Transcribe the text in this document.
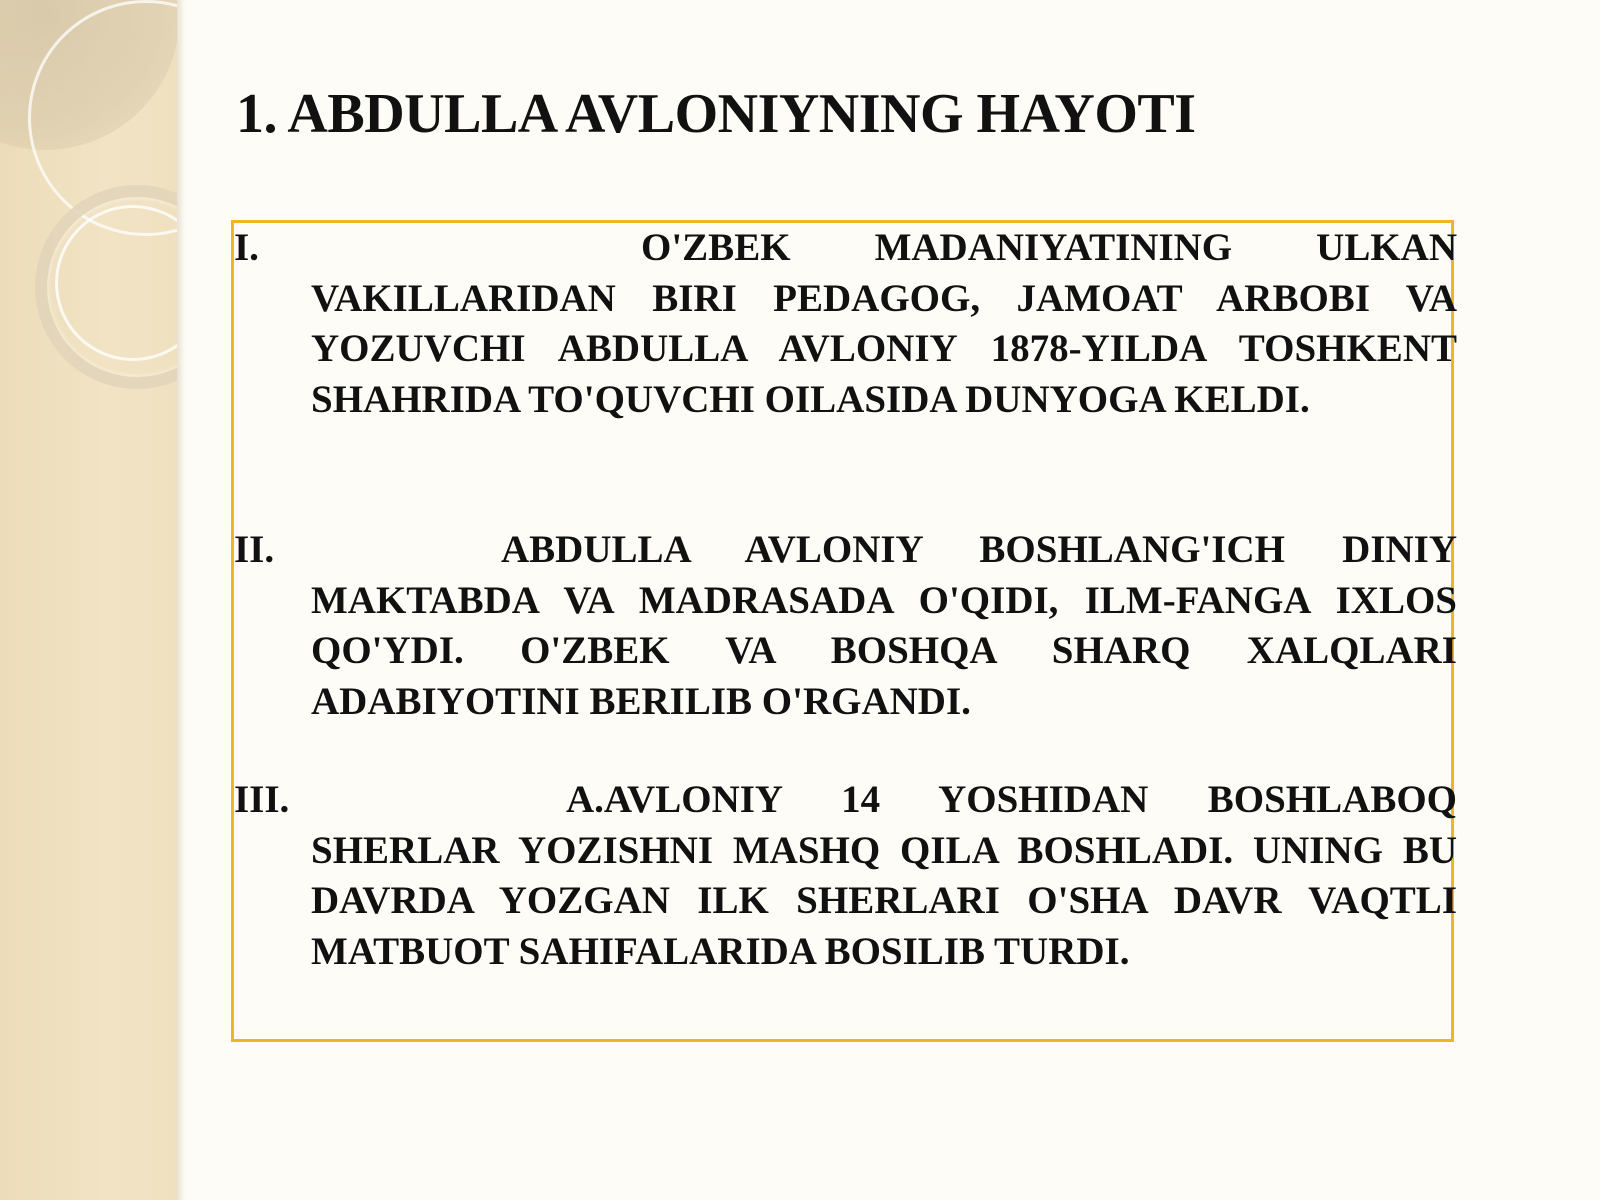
1. ABDULLA AVLONIYNING HAYOTI
I.	O'ZBEK MADANIYATINING ULKAN VAKILLARIDAN BIRI PEDAGOG, JAMOAT ARBOBI VA YOZUVCHI ABDULLA AVLONIY 1878-YILDA TOSHKENT SHAHRIDA TO'QUVCHI OILASIDA DUNYOGA KELDI.
II.	ABDULLA AVLONIY BOSHLANG'ICH DINIY MAKTABDA VA MADRASADA O'QIDI, ILM-FANGA IXLOS QO'YDI. O'ZBEK VA BOSHQA SHARQ XALQLARI ADABIYOTINI BERILIB O'RGANDI.
III.	A.AVLONIY 14 YOSHIDAN BOSHLABOQ SHERLAR YOZISHNI MASHQ QILA BOSHLADI. UNING BU DAVRDA YOZGAN ILK SHERLARI O'SHA DAVR VAQTLI MATBUOT SAHIFALARIDA BOSILIB TURDI.
